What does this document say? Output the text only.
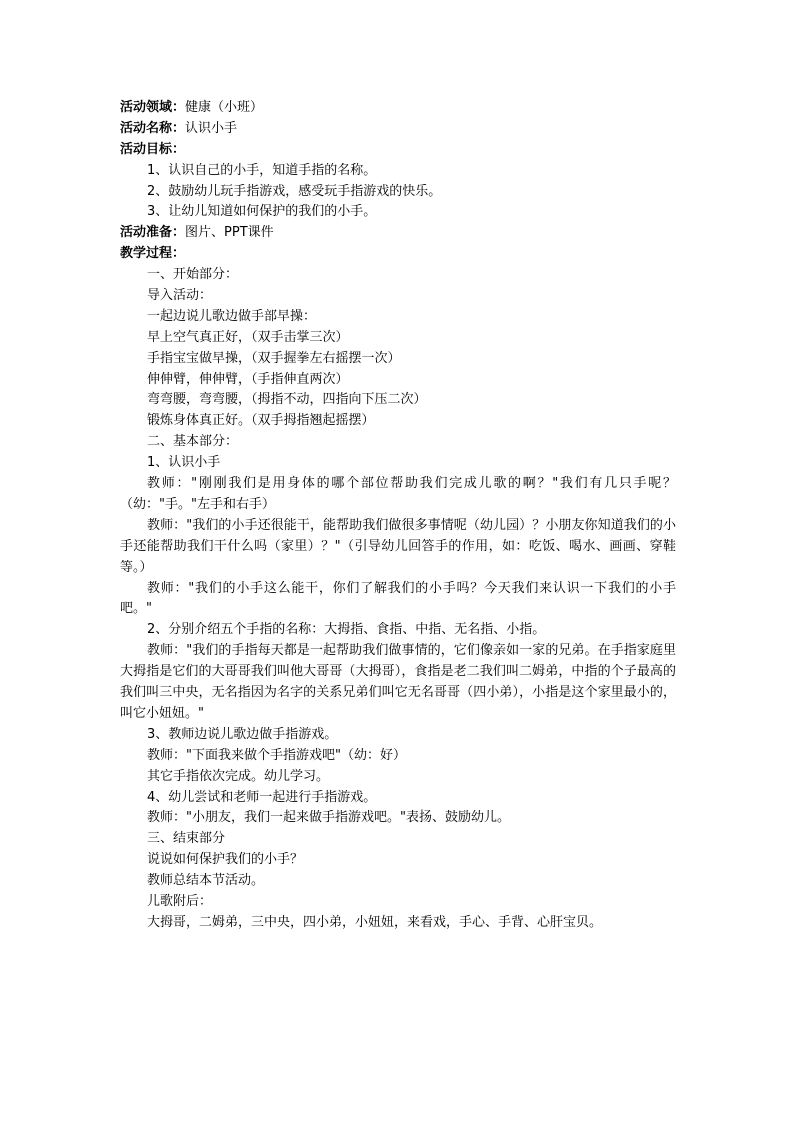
活动领域：健康（小班）
活动名称：认识小手
活动目标：
1、认识自己的小手，知道手指的名称。
2、鼓励幼儿玩手指游戏，感受玩手指游戏的快乐。
3、让幼儿知道如何保护的我们的小手。
活动准备：图片、PPT课件
教学过程：
一、开始部分：
导入活动：
一起边说儿歌边做手部早操：
早上空气真正好，（双手击掌三次）
手指宝宝做早操，（双手握拳左右摇摆一次）
伸伸臂，伸伸臂，（手指伸直两次）
弯弯腰，弯弯腰，（拇指不动，四指向下压二次）
锻炼身体真正好。（双手拇指翘起摇摆）
二、基本部分：
1、认识小手
教师："刚刚我们是用身体的哪个部位帮助我们完成儿歌的啊？"我们有几只手呢？（幼："手。"左手和右手）
教师："我们的小手还很能干，能帮助我们做很多事情呢（幼儿园）？小朋友你知道我们的小手还能帮助我们干什么吗（家里）？"（引导幼儿回答手的作用，如：吃饭、喝水、画画、穿鞋等。）
教师："我们的小手这么能干，你们了解我们的小手吗？今天我们来认识一下我们的小手吧。"
2、分别介绍五个手指的名称：大拇指、食指、中指、无名指、小指。
教师："我们的手指每天都是一起帮助我们做事情的，它们像亲如一家的兄弟。在手指家庭里大拇指是它们的大哥哥我们叫他大哥哥（大拇哥），食指是老二我们叫二姆弟，中指的个子最高的我们叫三中央，无名指因为名字的关系兄弟们叫它无名哥哥（四小弟），小指是这个家里最小的，叫它小妞妞。"
3、教师边说儿歌边做手指游戏。
教师："下面我来做个手指游戏吧"（幼：好）
其它手指依次完成。幼儿学习。
4、幼儿尝试和老师一起进行手指游戏。
教师："小朋友，我们一起来做手指游戏吧。"表扬、鼓励幼儿。
三、结束部分
说说如何保护我们的小手？
教师总结本节活动。
儿歌附后：
大拇哥，二姆弟，三中央，四小弟，小妞妞，来看戏，手心、手背、心肝宝贝。
